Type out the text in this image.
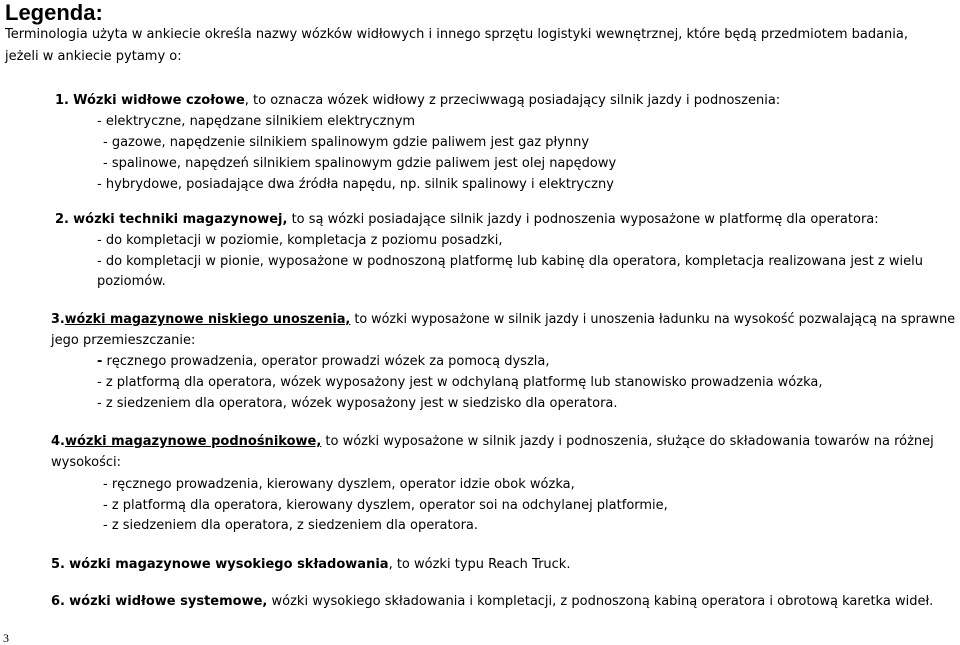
Legenda:
Terminologia użyta w ankiecie określa nazwy wózków widłowych i innego sprzętu logistyki wewnętrznej, które będą przedmiotem badania,
jeżeli w ankiecie pytamy o:
1. Wózki widłowe czołowe, to oznacza wózek widłowy z przeciwwagą posiadający silnik jazdy i podnoszenia:
- elektryczne, napędzane silnikiem elektrycznym
- gazowe, napędzenie silnikiem spalinowym gdzie paliwem jest gaz płynny
- spalinowe, napędzeń silnikiem spalinowym gdzie paliwem jest olej napędowy
- hybrydowe, posiadające dwa źródła napędu, np. silnik spalinowy i elektryczny
2. wózki techniki magazynowej, to są wózki posiadające silnik jazdy i podnoszenia wyposażone w platformę dla operatora:
- do kompletacji w poziomie, kompletacja z poziomu posadzki,
- do kompletacji w pionie, wyposażone w podnoszoną platformę lub kabinę dla operatora, kompletacja realizowana jest z wielu
poziomów.
3.wózki magazynowe niskiego unoszenia, to wózki wyposażone w silnik jazdy i unoszenia ładunku na wysokość pozwalającą na sprawne
jego przemieszczanie:
- ręcznego prowadzenia, operator prowadzi wózek za pomocą dyszla,
- z platformą dla operatora, wózek wyposażony jest w odchylaną platformę lub stanowisko prowadzenia wózka,
- z siedzeniem dla operatora, wózek wyposażony jest w siedzisko dla operatora.
4.wózki magazynowe podnośnikowe, to wózki wyposażone w silnik jazdy i podnoszenia, służące do składowania towarów na różnej
wysokości:
- ręcznego prowadzenia, kierowany dyszlem, operator idzie obok wózka,
- z platformą dla operatora, kierowany dyszlem, operator soi na odchylanej platformie,
- z siedzeniem dla operatora, z siedzeniem dla operatora.
5. wózki magazynowe wysokiego składowania, to wózki typu Reach Truck.
6. wózki widłowe systemowe, wózki wysokiego składowania i kompletacji, z podnoszoną kabiną operatora i obrotową karetka wideł.
3
